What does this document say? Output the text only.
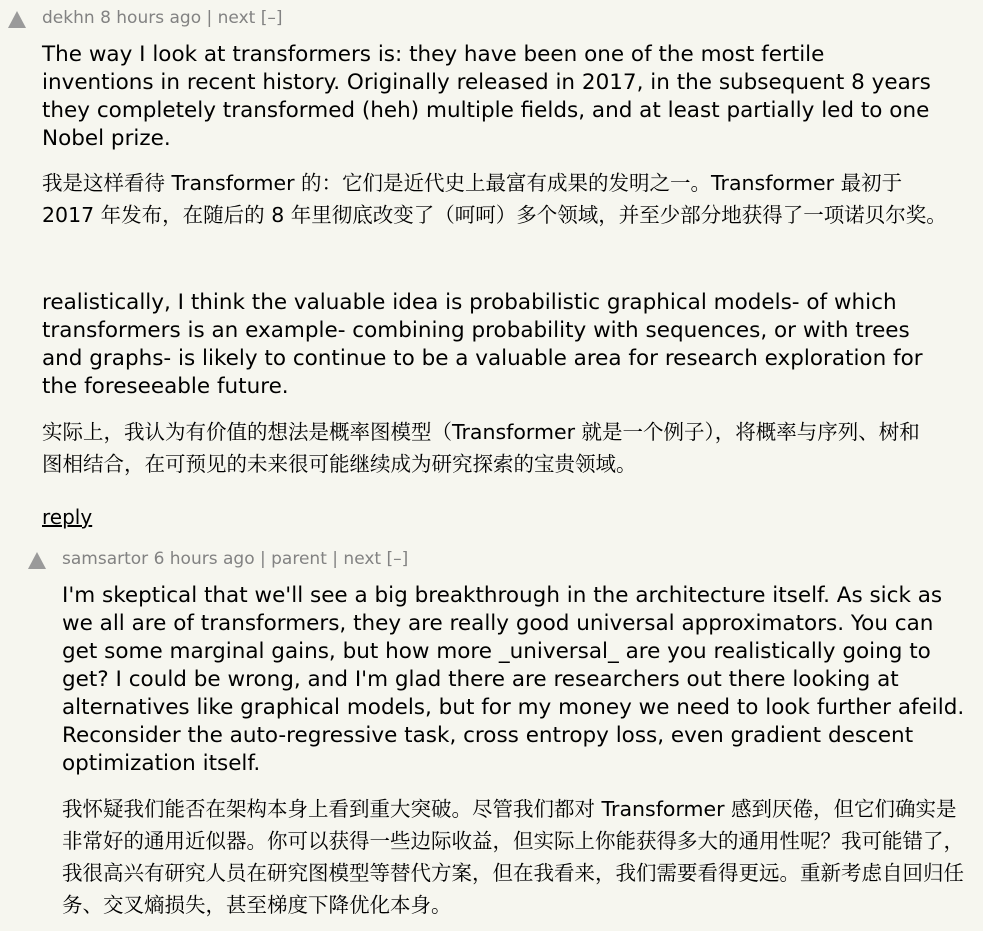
dekhn 8 hours ago | next [–]

The way I look at transformers is: they have been one of the most fertile inventions in recent history. Originally released in 2017, in the subsequent 8 years they completely transformed (heh) multiple fields, and at least partially led to one Nobel prize.

我是这样看待 Transformer 的：它们是近代史上最富有成果的发明之一。Transformer 最初于 2017 年发布，在随后的 8 年里彻底改变了（呵呵）多个领域，并至少部分地获得了一项诺贝尔奖。

realistically, I think the valuable idea is probabilistic graphical models- of which transformers is an example- combining probability with sequences, or with trees and graphs- is likely to continue to be a valuable area for research exploration for the foreseeable future.

实际上，我认为有价值的想法是概率图模型（Transformer 就是一个例子），将概率与序列、树和图相结合，在可预见的未来很可能继续成为研究探索的宝贵领域。

reply
samsartor 6 hours ago | parent | next [–]

I'm skeptical that we'll see a big breakthrough in the architecture itself. As sick as we all are of transformers, they are really good universal approximators. You can get some marginal gains, but how more _universal_ are you realistically going to get? I could be wrong, and I'm glad there are researchers out there looking at alternatives like graphical models, but for my money we need to look further afeild. Reconsider the auto-regressive task, cross entropy loss, even gradient descent optimization itself.

我怀疑我们能否在架构本身上看到重大突破。尽管我们都对 Transformer 感到厌倦，但它们确实是非常好的通用近似器。你可以获得一些边际收益，但实际上你能获得多大的通用性呢？我可能错了，我很高兴有研究人员在研究图模型等替代方案，但在我看来，我们需要看得更远。重新考虑自回归任务、交叉熵损失，甚至梯度下降优化本身。
